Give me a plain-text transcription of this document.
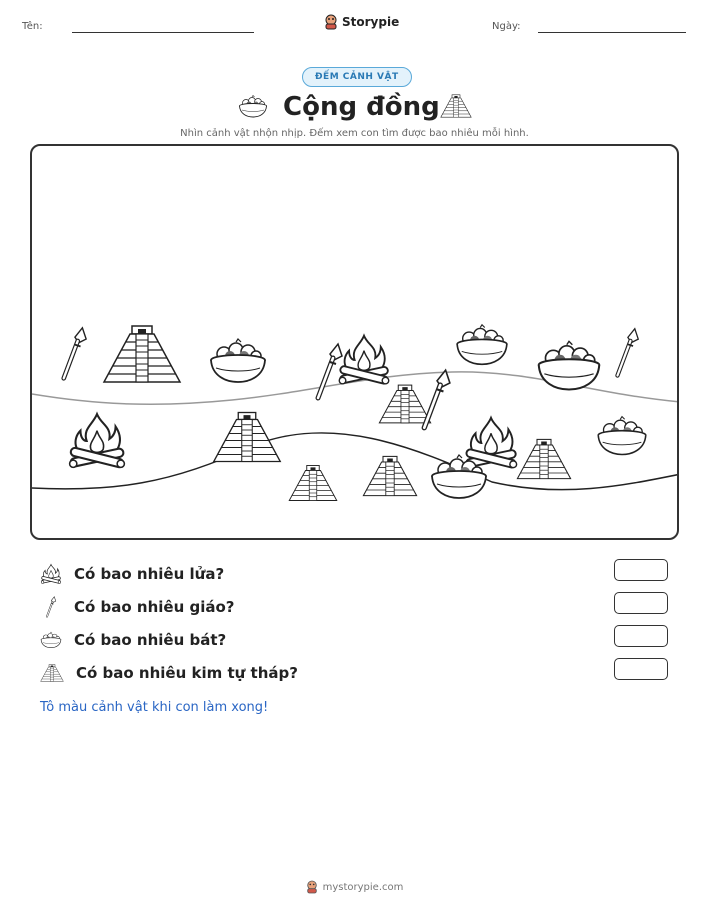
Tên:	Storypie	Ngày:
ĐẾM CẢNH VẬT
Cộng đồng
Nhìn cảnh vật nhộn nhịp. Đếm xem con tìm được bao nhiêu mỗi hình.
Có bao nhiêu lửa?
Có bao nhiêu giáo?
Có bao nhiêu bát?
Có bao nhiêu kim tự tháp?
Tô màu cảnh vật khi con làm xong!
mystorypie.com
